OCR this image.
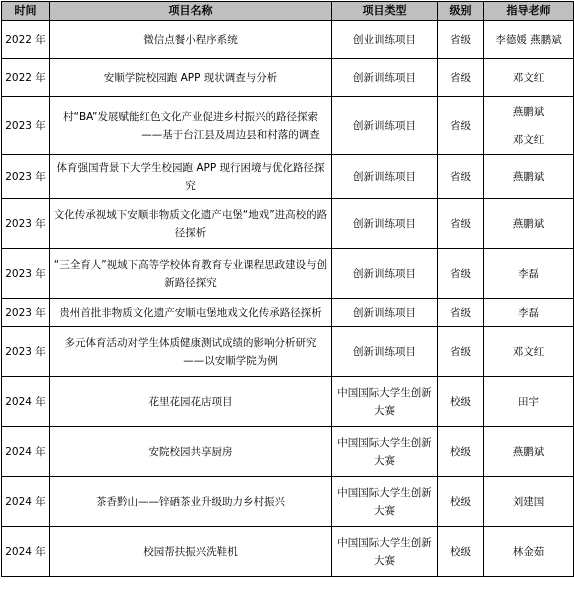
时间	项目名称	项目类型	级别	指导老师
2022 年	微信点餐小程序系统	创业训练项目	省级	李德媛 燕鹏斌

2022 年	安顺学院校园跑 APP 现状调查与分析	创新训练项目	省级	邓文红

2023 年	村“BA”发展赋能红色文化产业促进乡村振兴的路径探索
——基于台江县及周边县和村落的调查	创新训练项目	省级	燕鹏斌
邓文红

2023 年	体育强国背景下大学生校园跑 APP 现行困境与优化路径探究	创新训练项目	省级	燕鹏斌

2023 年	文化传承视域下安顺非物质文化遗产屯堡“地戏”进高校的路径探析	创新训练项目	省级	燕鹏斌

2023 年	“三全育人”视域下高等学校体育教育专业课程思政建设与创新路径探究	创新训练项目	省级	李磊

2023 年	贵州首批非物质文化遗产安顺屯堡地戏文化传承路径探析	创新训练项目	省级	李磊

2023 年	多元体育活动对学生体质健康测试成绩的影响分析研究
——以安顺学院为例	创新训练项目	省级	邓文红

2024 年	花里花园花店项目	中国国际大学生创新大赛	校级	田宇

2024 年	安院校园共享厨房	中国国际大学生创新大赛	校级	燕鹏斌

2024 年	茶香黔山——锌硒茶业升级助力乡村振兴	中国国际大学生创新大赛	校级	刘建国

2024 年	校园帮扶振兴洗鞋机	中国国际大学生创新大赛	校级	林金茹
